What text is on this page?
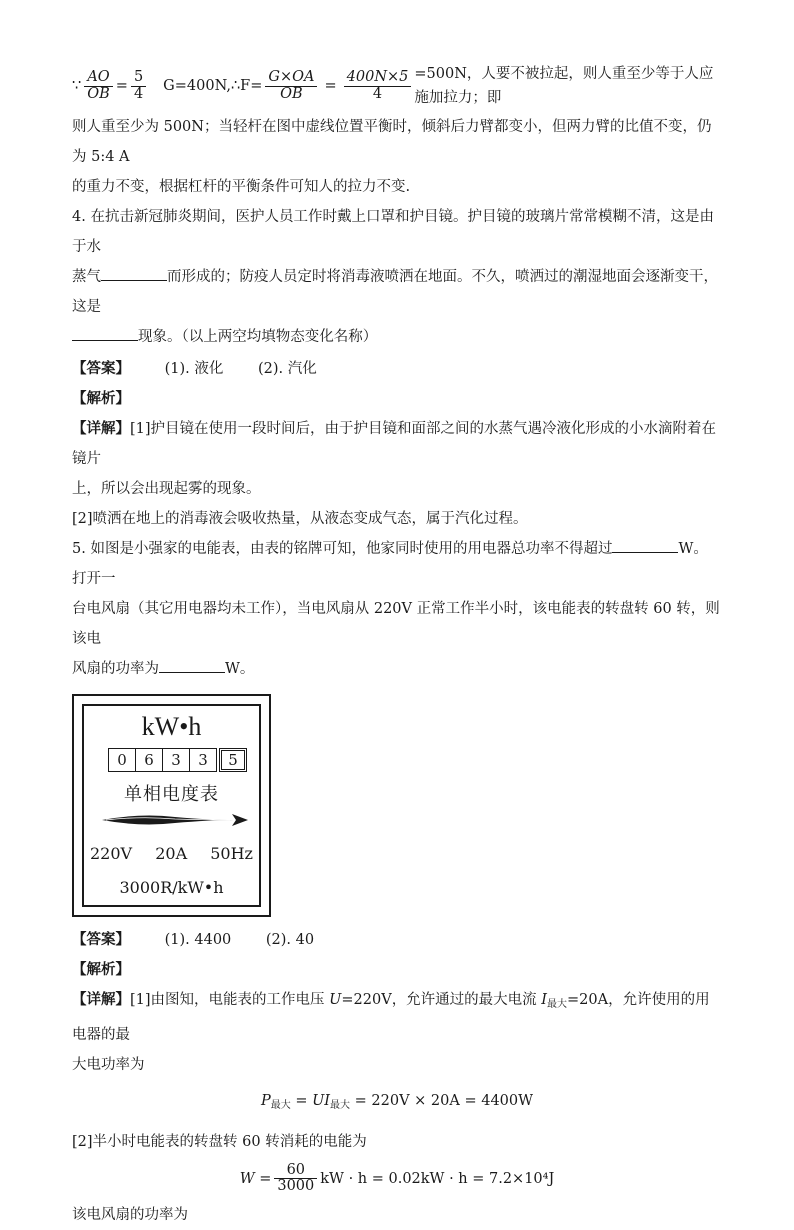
∵ $\frac{AO}{OB} = \frac{5}{4}$ G=400N,∴F= $\frac{G\times OA}{OB} = \frac{400N\times 5}{4} =500N$，人要不被拉起，则人重至少等于人应施加拉力；即

则人重至少为 500N；当轻杆在图中虚线位置平衡时，倾斜后力臂都变小，但两力臂的比值不变，仍为 5:4 A

的重力不变，根据杠杆的平衡条件可知人的拉力不变.

4. 在抗击新冠肺炎期间，医护人员工作时戴上口罩和护目镜。护目镜的玻璃片常常模糊不清，这是由于水

蒸气	而形成的；防疫人员定时将消毒液喷洒在地面。不久，喷洒过的潮湿地面会逐渐变干，这是

现象。（以上两空均填物态变化名称）

【答案】 (1). 液化 (2). 汽化

【解析】

【详解】[1]护目镜在使用一段时间后，由于护目镜和面部之间的水蒸气遇冷液化形成的小水滴附着在镜片

上，所以会出现起雾的现象。

[2]喷洒在地上的消毒液会吸收热量，从液态变成气态，属于汽化过程。

5. 如图是小强家的电能表，由表的铭牌可知，他家同时使用的用电器总功率不得超过	W。打开一

台电风扇（其它用电器均未工作），当电风扇从 220V 正常工作半小时，该电能表的转盘转 60 转，则该电

风扇的功率为	W。

kW•h
0	6	3	3	5
单相电度表
220V 20A 50Hz
3000R/kW•h

【答案】 (1). 4400 (2). 40

【解析】

【详解】[1]由图知，电能表的工作电压 U=220V，允许通过的最大电流 $I_{最大}=20A$，允许使用的用电器的最

大电功率为

$P_{最大} = UI_{最大} = 220V \times 20A = 4400W$

[2]半小时电能表的转盘转 60 转消耗的电能为

$W = \frac{60}{3000}$ kW · h = 0.02kW · h = 7.2×10⁴J

该电风扇的功率为
